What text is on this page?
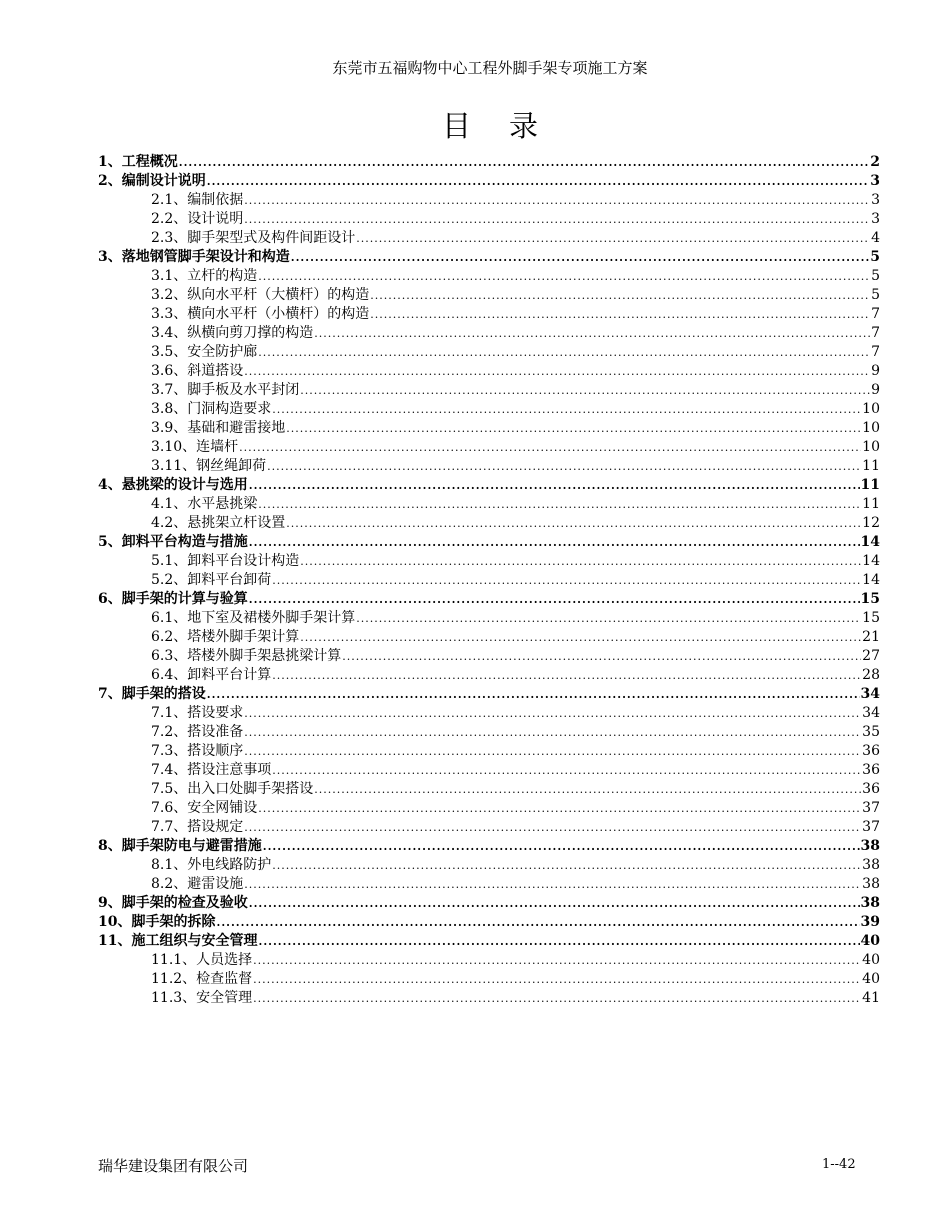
东莞市五福购物中心工程外脚手架专项施工方案
目录
1、工程概况 .....	2
2、编制设计说明 .....	3
2.1、编制依据 .....	3
2.2、设计说明 .....	3
2.3、脚手架型式及构件间距设计 .....	4
3、落地钢管脚手架设计和构造 .....	5
3.1、立杆的构造 .....	5
3.2、纵向水平杆（大横杆）的构造 .....	5
3.3、横向水平杆（小横杆）的构造 .....	7
3.4、纵横向剪刀撑的构造 .....	7
3.5、安全防护廊 .....	7
3.6、斜道搭设 .....	9
3.7、脚手板及水平封闭 .....	9
3.8、门洞构造要求 .....	10
3.9、基础和避雷接地 .....	10
3.10、连墙杆 .....	10
3.11、钢丝绳卸荷 .....	11
4、悬挑梁的设计与选用 .....	11
4.1、水平悬挑梁 .....	11
4.2、悬挑架立杆设置 .....	12
5、卸料平台构造与措施 .....	14
5.1、卸料平台设计构造 .....	14
5.2、卸料平台卸荷 .....	14
6、脚手架的计算与验算 .....	15
6.1、地下室及裙楼外脚手架计算 .....	15
6.2、塔楼外脚手架计算 .....	21
6.3、塔楼外脚手架悬挑梁计算 .....	27
6.4、卸料平台计算 .....	28
7、脚手架的搭设 .....	34
7.1、搭设要求 .....	34
7.2、搭设准备 .....	35
7.3、搭设顺序 .....	36
7.4、搭设注意事项 .....	36
7.5、出入口处脚手架搭设 .....	36
7.6、安全网铺设 .....	37
7.7、搭设规定 .....	37
8、脚手架防电与避雷措施 .....	38
8.1、外电线路防护 .....	38
8.2、避雷设施 .....	38
9、脚手架的检查及验收 .....	38
10、脚手架的拆除 .....	39
11、施工组织与安全管理 .....	40
11.1、人员选择 .....	40
11.2、检查监督 .....	40
11.3、安全管理 .....	41
瑞华建设集团有限公司	1--42
